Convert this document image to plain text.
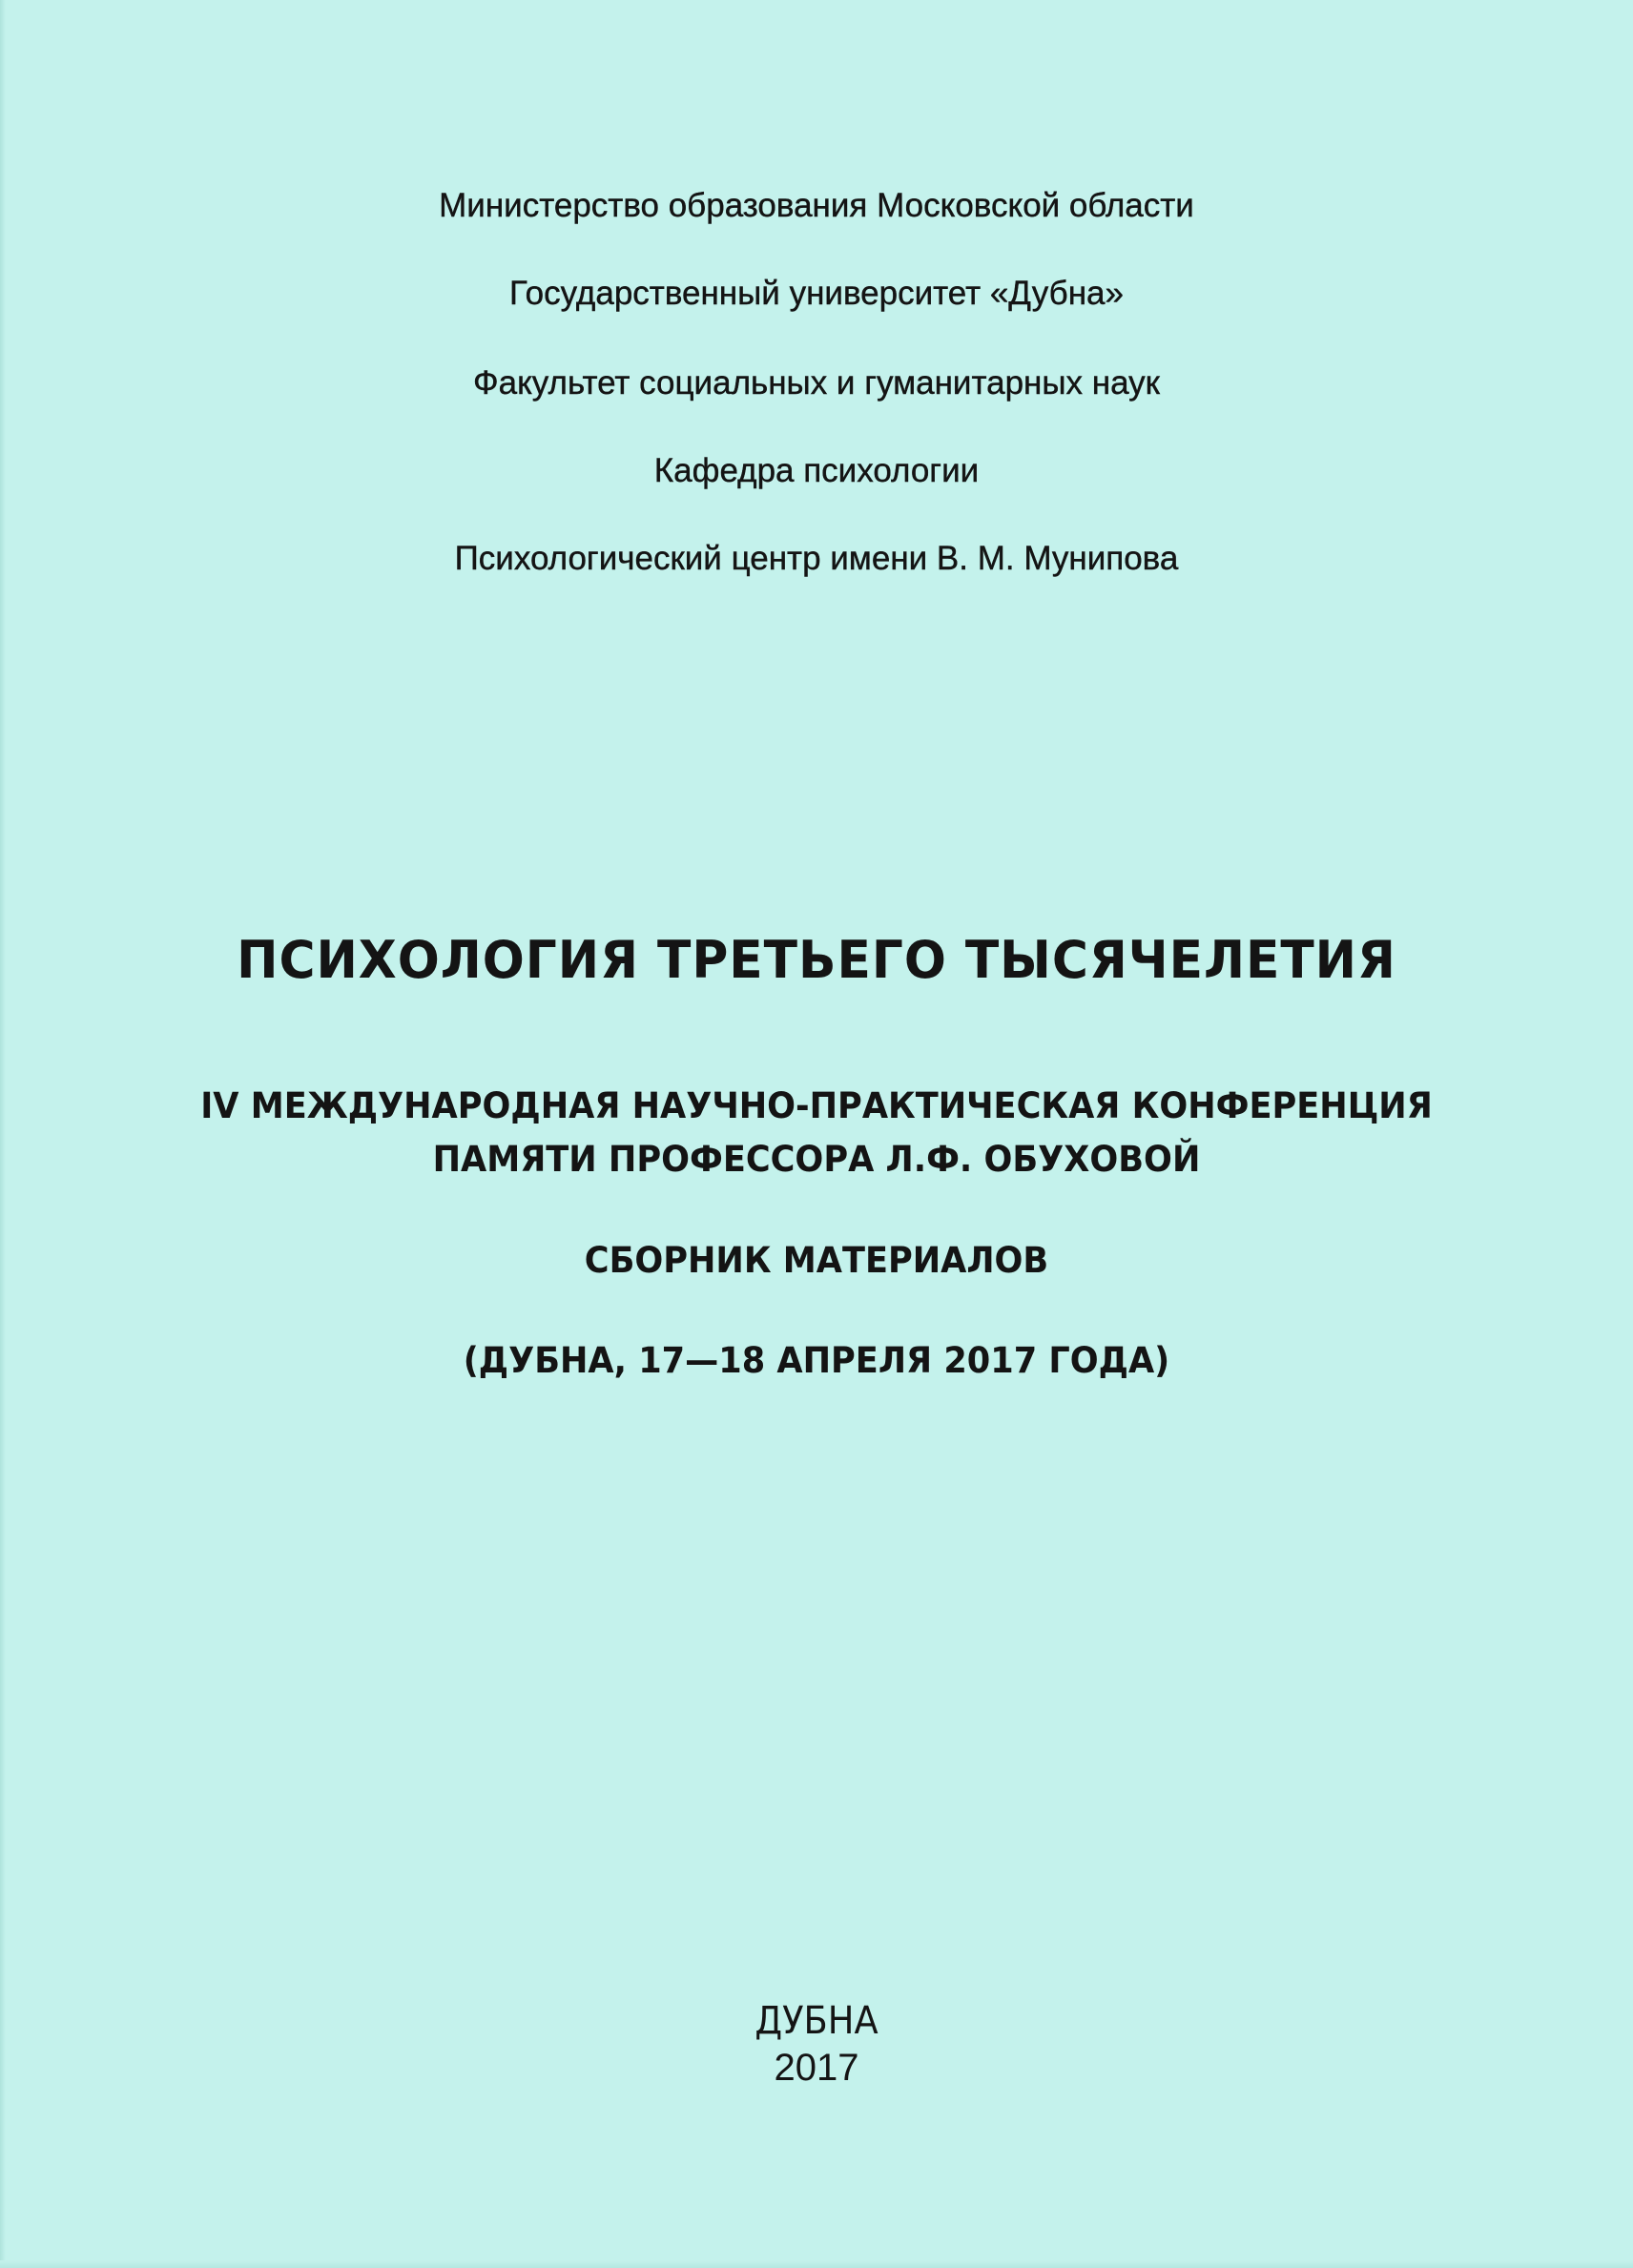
Министерство образования Московской области
Государственный университет «Дубна»
Факультет социальных и гуманитарных наук
Кафедра психологии
Психологический центр имени В. М. Мунипова
ПСИХОЛОГИЯ ТРЕТЬЕГО ТЫСЯЧЕЛЕТИЯ
IV МЕЖДУНАРОДНАЯ НАУЧНО-ПРАКТИЧЕСКАЯ КОНФЕРЕНЦИЯ
ПАМЯТИ ПРОФЕССОРА Л.Ф. ОБУХОВОЙ
СБОРНИК МАТЕРИАЛОВ
(ДУБНА, 17—18 АПРЕЛЯ 2017 ГОДА)
ДУБНА
2017
